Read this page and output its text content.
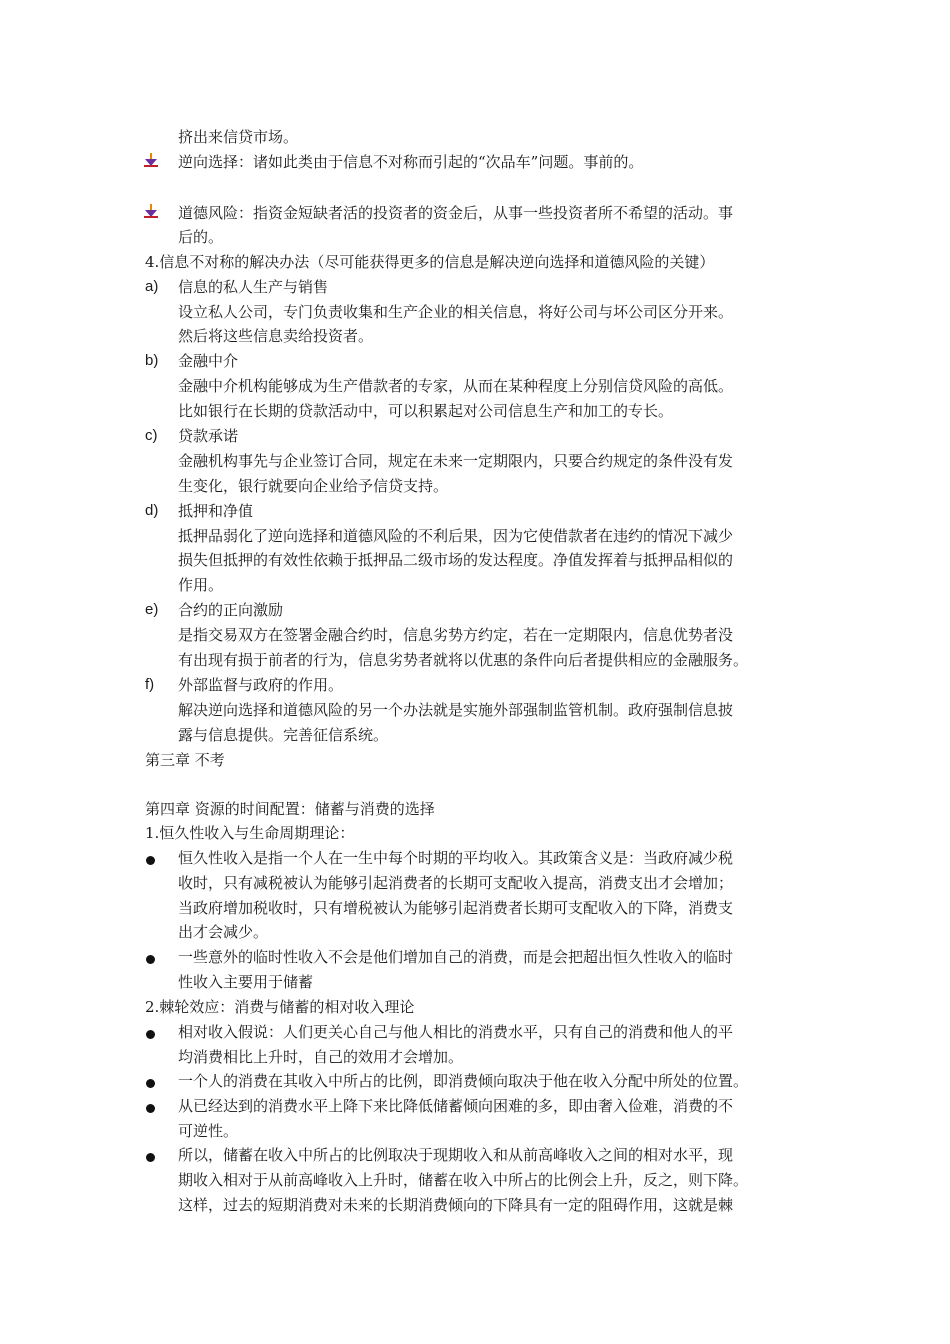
a)
b)
c)
d)
e)
f)
挤出来信贷市场。
逆向选择：诸如此类由于信息不对称而引起的“次品车”问题。事前的。
道德风险：指资金短缺者活的投资者的资金后，从事一些投资者所不希望的活动。事
后的。
4.信息不对称的解决办法（尽可能获得更多的信息是解决逆向选择和道德风险的关键）
信息的私人生产与销售
设立私人公司，专门负责收集和生产企业的相关信息，将好公司与坏公司区分开来。
然后将这些信息卖给投资者。
金融中介
金融中介机构能够成为生产借款者的专家，从而在某种程度上分别信贷风险的高低。
比如银行在长期的贷款活动中，可以积累起对公司信息生产和加工的专长。
贷款承诺
金融机构事先与企业签订合同，规定在未来一定期限内，只要合约规定的条件没有发
生变化，银行就要向企业给予信贷支持。
抵押和净值
抵押品弱化了逆向选择和道德风险的不利后果，因为它使借款者在违约的情况下减少
损失但抵押的有效性依赖于抵押品二级市场的发达程度。净值发挥着与抵押品相似的
作用。
合约的正向激励
是指交易双方在签署金融合约时，信息劣势方约定，若在一定期限内，信息优势者没
有出现有损于前者的行为，信息劣势者就将以优惠的条件向后者提供相应的金融服务。
外部监督与政府的作用。
解决逆向选择和道德风险的另一个办法就是实施外部强制监管机制。政府强制信息披
露与信息提供。完善征信系统。
第三章 不考
第四章 资源的时间配置：储蓄与消费的选择
1.恒久性收入与生命周期理论：
恒久性收入是指一个人在一生中每个时期的平均收入。其政策含义是：当政府减少税
收时，只有减税被认为能够引起消费者的长期可支配收入提高，消费支出才会增加；
当政府增加税收时，只有增税被认为能够引起消费者长期可支配收入的下降，消费支
出才会减少。
一些意外的临时性收入不会是他们增加自己的消费，而是会把超出恒久性收入的临时
性收入主要用于储蓄
2.棘轮效应：消费与储蓄的相对收入理论
相对收入假说：人们更关心自己与他人相比的消费水平，只有自己的消费和他人的平
均消费相比上升时，自己的效用才会增加。
一个人的消费在其收入中所占的比例，即消费倾向取决于他在收入分配中所处的位置。
从已经达到的消费水平上降下来比降低储蓄倾向困难的多，即由奢入俭难，消费的不
可逆性。
所以，储蓄在收入中所占的比例取决于现期收入和从前高峰收入之间的相对水平，现
期收入相对于从前高峰收入上升时，储蓄在收入中所占的比例会上升，反之，则下降。
这样，过去的短期消费对未来的长期消费倾向的下降具有一定的阻碍作用，这就是棘
